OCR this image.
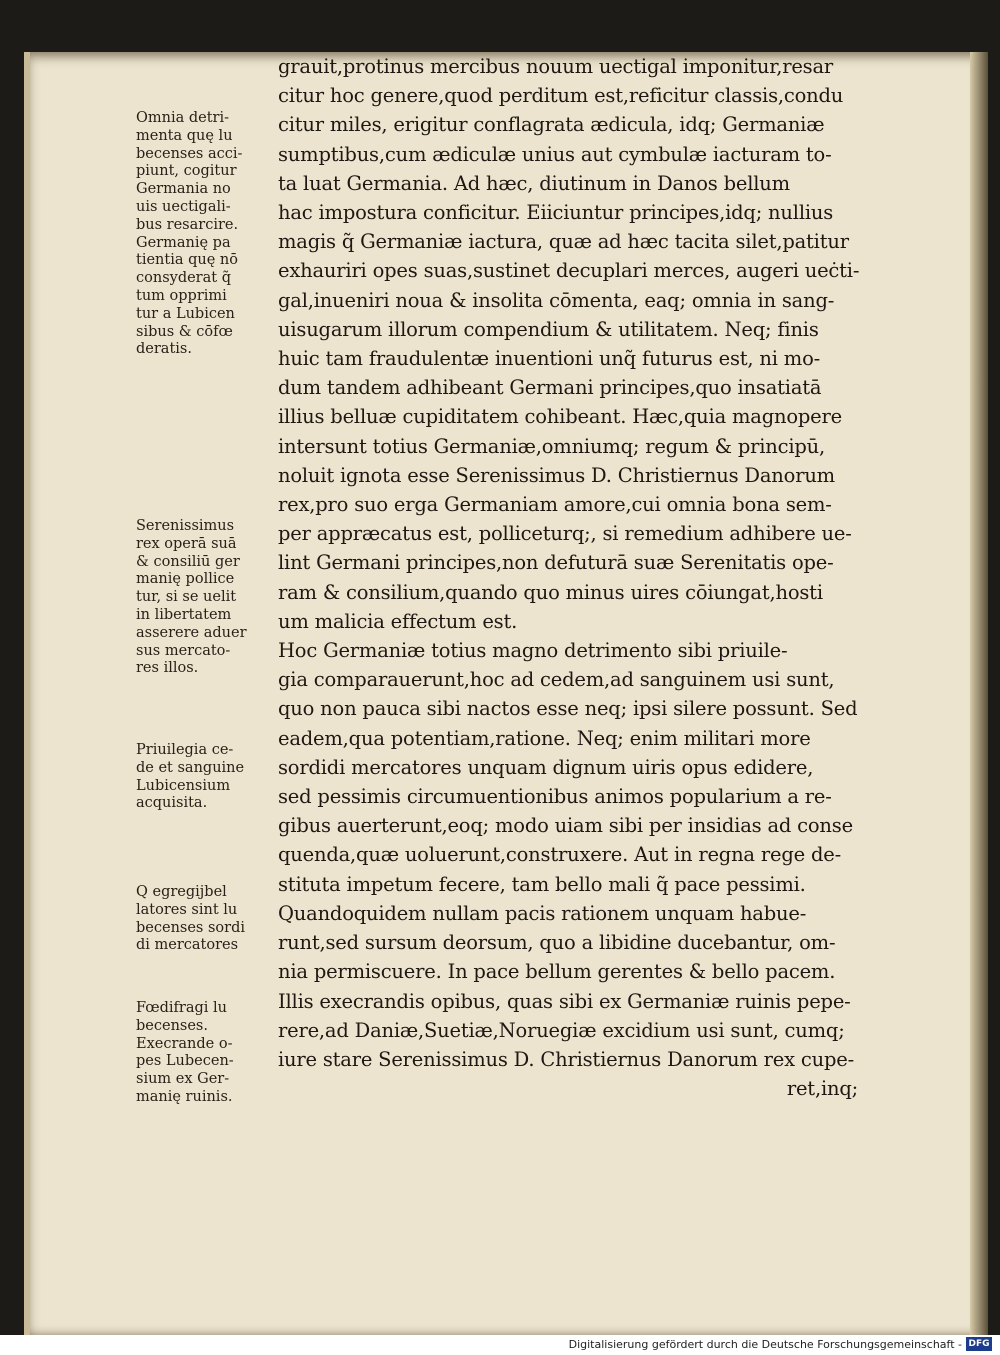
Omnia detri-
menta quę lu
becenses acci-
piunt, cogitur
Germania no
uis uectigali-
bus resarcire.
Germanię pa
tientia quę nō
consyderat q̃
tum opprimi
tur a Lubicen
sibus & cōfœ
deratis.
Serenissimus
rex operā suā
& consiliū ger
manię pollice
tur, si se uelit
in libertatem
asserere aduer
sus mercato-
res illos.
Priuilegia ce-
de et sanguine
Lubicensium
acquisita.
Q egregijbel
latores sint lu
becenses sordi
di mercatores
Fœdifragi lu
becenses.
Execrande o-
pes Lubecen-
sium ex Ger-
manię ruinis.
grauit,protinus mercibus nouum uectigal imponitur,resar
citur hoc genere,quod perditum est,reficitur classis,condu
citur miles, erigitur conflagrata ædicula, idq; Germaniæ
sumptibus,cum ædiculæ unius aut cymbulæ iacturam to-
ta luat Germania. Ad hæc, diutinum in Danos bellum
hac impostura conficitur. Eiiciuntur principes,idq; nullius
magis q̃ Germaniæ iactura, quæ ad hæc tacita silet,patitur
exhauriri opes suas,sustinet decuplari merces, augeri ueċti-
gal,inueniri noua & insolita cōmenta, eaq; omnia in sang-
uisugarum illorum compendium & utilitatem. Neq; finis
huic tam fraudulentæ inuentioni unq̃ futurus est, ni mo-
dum tandem adhibeant Germani principes,quo insatiatā
illius belluæ cupiditatem cohibeant. Hæc,quia magnopere
intersunt totius Germaniæ,omniumq; regum & principū,
noluit ignota esse Serenissimus D. Christiernus Danorum
rex,pro suo erga Germaniam amore,cui omnia bona sem-
per appræcatus est, polliceturq;, si remedium adhibere ue-
lint Germani principes,non defuturā suæ Serenitatis ope-
ram & consilium,quando quo minus uires cōiungat,hosti
um malicia effectum est.
Hoc Germaniæ totius magno detrimento sibi priuile-
gia comparauerunt,hoc ad cedem,ad sanguinem usi sunt,
quo non pauca sibi nactos esse neq; ipsi silere possunt. Sed
eadem,qua potentiam,ratione. Neq; enim militari more
sordidi mercatores unquam dignum uiris opus edidere,
sed pessimis circumuentionibus animos popularium a re-
gibus auerterunt,eoq; modo uiam sibi per insidias ad conse
quenda,quæ uoluerunt,construxere. Aut in regna rege de-
stituta impetum fecere, tam bello mali q̃ pace pessimi.
Quandoquidem nullam pacis rationem unquam habue-
runt,sed sursum deorsum, quo a libidine ducebantur, om-
nia permiscuere. In pace bellum gerentes & bello pacem.
Illis execrandis opibus, quas sibi ex Germaniæ ruinis pepe-
rere,ad Daniæ,Suetiæ,Noruegiæ excidium usi sunt, cumq;
iure stare Serenissimus D. Christiernus Danorum rex cupe-
ret,inq;
Digitalisierung gefördert durch die Deutsche Forschungsgemeinschaft - DFG
